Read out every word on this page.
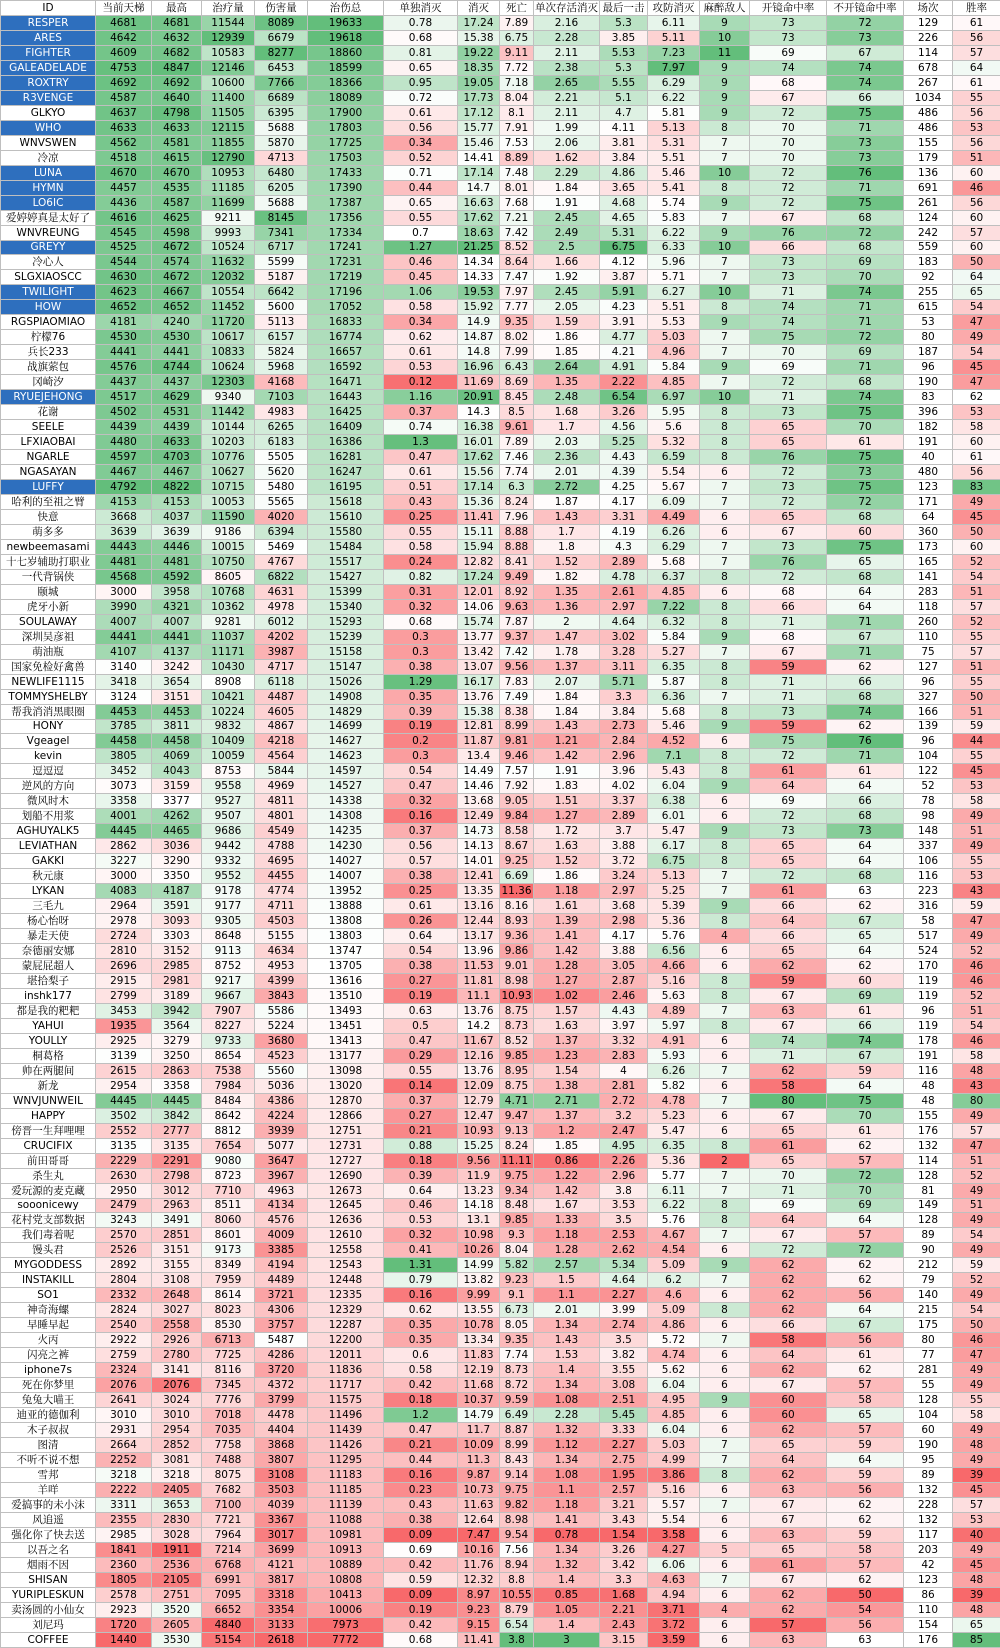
ID	当前天梯	最高	治疗量	伤害量	治伤总	单独消灭	消灭	死亡	单次存活消灭	最后一击	攻防消灭	麻醉敌人	开镜命中率	不开镜命中率	场次	胜率
RESPER	4681	4681	11544	8089	19633	0.78	17.24	7.89	2.16	5.3	6.11	9	73	72	129	61
ARES	4642	4632	12939	6679	19618	0.68	15.38	6.75	2.28	3.85	5.11	10	73	73	226	56
FIGHTER	4609	4682	10583	8277	18860	0.81	19.22	9.11	2.11	5.53	7.23	11	69	67	114	57
GALEADELADE	4753	4847	12146	6453	18599	0.65	18.35	7.72	2.38	5.3	7.97	9	74	74	678	64
ROXTRY	4692	4692	10600	7766	18366	0.95	19.05	7.18	2.65	5.55	6.29	9	68	74	267	61
R3VENGE	4587	4640	11400	6689	18089	0.72	17.73	8.04	2.21	5.1	6.22	9	67	66	1034	55
GLKYO	4637	4798	11505	6395	17900	0.61	17.12	8.1	2.11	4.7	5.81	9	72	75	486	56
WHO	4633	4633	12115	5688	17803	0.56	15.77	7.91	1.99	4.11	5.13	8	70	71	486	53
WNVSWEN	4562	4581	11855	5870	17725	0.34	15.46	7.53	2.06	3.81	5.31	7	70	73	155	56
冷凉	4518	4615	12790	4713	17503	0.52	14.41	8.89	1.62	3.84	5.51	7	70	73	179	51
LUNA	4670	4670	10953	6480	17433	0.71	17.14	7.48	2.29	4.86	5.46	10	72	76	136	60
HYMN	4457	4535	11185	6205	17390	0.44	14.7	8.01	1.84	3.65	5.41	8	72	71	691	46
LO6IC	4436	4587	11699	5688	17387	0.65	16.63	7.68	1.91	4.68	5.74	9	72	75	261	56
爱婷婷真是太好了	4616	4625	9211	8145	17356	0.55	17.62	7.21	2.45	4.65	5.83	7	67	68	124	60
WNVREUNG	4545	4598	9993	7341	17334	0.7	18.63	7.42	2.49	5.31	6.22	9	76	72	242	57
GREYY	4525	4672	10524	6717	17241	1.27	21.25	8.52	2.5	6.75	6.33	10	66	68	559	60
冷心人	4544	4574	11632	5599	17231	0.46	14.34	8.64	1.66	4.12	5.96	7	73	69	183	50
SLGXIAOSCC	4630	4672	12032	5187	17219	0.45	14.33	7.47	1.92	3.87	5.71	7	73	70	92	64
TWILIGHT	4623	4667	10554	6642	17196	1.06	19.53	7.97	2.45	5.91	6.27	10	71	74	255	65
HOW	4652	4652	11452	5600	17052	0.58	15.92	7.77	2.05	4.23	5.51	8	74	71	615	54
RGSPIAOMIAO	4181	4240	11720	5113	16833	0.34	14.9	9.35	1.59	3.91	5.53	9	74	71	53	47
柠檬76	4530	4530	10617	6157	16774	0.62	14.87	8.02	1.86	4.77	5.03	7	75	72	80	49
兵长233	4441	4441	10833	5824	16657	0.61	14.8	7.99	1.85	4.21	4.96	7	70	69	187	54
战旗萦包	4576	4744	10624	5968	16592	0.53	16.96	6.43	2.64	4.91	5.84	9	69	71	96	45
冈崎汐	4437	4437	12303	4168	16471	0.12	11.69	8.69	1.35	2.22	4.85	7	72	68	190	47
RYUEJEHONG	4517	4629	9340	7103	16443	1.16	20.91	8.45	2.48	6.54	6.97	10	71	74	83	62
花谢	4502	4531	11442	4983	16425	0.37	14.3	8.5	1.68	3.26	5.95	8	73	75	396	53
SEELE	4439	4439	10144	6265	16409	0.74	16.38	9.61	1.7	4.56	5.6	8	65	70	182	58
LFXIAOBAI	4480	4633	10203	6183	16386	1.3	16.01	7.89	2.03	5.25	5.32	8	65	61	191	60
NGARLE	4597	4703	10776	5505	16281	0.47	17.62	7.46	2.36	4.43	6.59	8	76	75	40	61
NGASAYAN	4467	4467	10627	5620	16247	0.61	15.56	7.74	2.01	4.39	5.54	6	72	73	480	56
LUFFY	4792	4822	10715	5480	16195	0.51	17.14	6.3	2.72	4.25	5.67	7	73	75	123	83
哈利的至祖之臂	4153	4153	10053	5565	15618	0.43	15.36	8.24	1.87	4.17	6.09	7	72	72	171	49
快意	3668	4037	11590	4020	15610	0.25	11.41	7.96	1.43	3.31	4.49	6	65	68	64	45
萌多多	3639	3639	9186	6394	15580	0.55	15.11	8.88	1.7	4.19	6.26	6	67	60	360	50
newbeemasami	4443	4446	10015	5469	15484	0.58	15.94	8.88	1.8	4.3	6.29	7	73	75	173	60
十七岁辅助打职业	4481	4481	10750	4767	15517	0.24	12.82	8.41	1.52	2.89	5.68	7	76	65	165	52
一代背锅侠	4568	4592	8605	6822	15427	0.82	17.24	9.49	1.82	4.78	6.37	8	72	68	141	54
颐城	3000	3958	10768	4631	15399	0.31	12.01	8.92	1.35	2.61	4.85	6	68	64	283	51
虎牙小新	3990	4321	10362	4978	15340	0.32	14.06	9.63	1.36	2.97	7.22	8	66	64	118	57
SOULAWAY	4007	4007	9281	6012	15293	0.68	15.74	7.87	2	4.64	6.32	8	71	71	260	52
深圳吴彦祖	4441	4441	11037	4202	15239	0.3	13.77	9.37	1.47	3.02	5.84	9	68	67	110	55
萌油瓶	4107	4137	11171	3987	15158	0.3	13.42	7.42	1.78	3.28	5.27	7	67	71	75	57
国家免检好禽兽	3140	3242	10430	4717	15147	0.38	13.07	9.56	1.37	3.11	6.35	8	59	62	127	51
NEWLIFE1115	3418	3654	8908	6118	15026	1.29	16.17	7.83	2.07	5.71	5.87	8	71	66	96	55
TOMMYSHELBY	3124	3151	10421	4487	14908	0.35	13.76	7.49	1.84	3.3	6.36	7	71	68	327	50
帮我消消黑眼圈	4453	4453	10224	4605	14829	0.39	15.38	8.38	1.84	3.84	5.68	8	73	74	166	51
HONY	3785	3811	9832	4867	14699	0.19	12.81	8.99	1.43	2.73	5.46	9	59	62	139	59
Vgeagel	4458	4458	10409	4218	14627	0.2	11.87	9.81	1.21	2.84	4.52	6	75	76	96	44
kevin	3805	4069	10059	4564	14623	0.3	13.4	9.46	1.42	2.96	7.1	8	72	71	104	55
逗逗逗	3452	4043	8753	5844	14597	0.54	14.49	7.57	1.91	3.96	5.43	8	61	61	122	45
逆风的方向	3073	3159	9558	4969	14527	0.47	14.46	7.92	1.83	4.02	6.04	9	64	64	52	53
微风时木	3358	3377	9527	4811	14338	0.32	13.68	9.05	1.51	3.37	6.38	6	69	66	78	58
划船不用浆	4001	4262	9507	4801	14308	0.16	12.49	9.84	1.27	2.89	6.01	6	72	68	98	49
AGHUYALK5	4445	4465	9686	4549	14235	0.37	14.73	8.58	1.72	3.7	5.47	9	73	73	148	51
LEVIATHAN	2862	3036	9442	4788	14230	0.56	14.13	8.67	1.63	3.88	6.17	8	65	64	337	49
GAKKI	3227	3290	9332	4695	14027	0.57	14.01	9.25	1.52	3.72	6.75	8	65	64	106	55
秋元康	3000	3350	9552	4455	14007	0.38	12.41	6.69	1.86	3.24	5.13	7	72	68	116	53
LYKAN	4083	4187	9178	4774	13952	0.25	13.35	11.36	1.18	2.97	5.25	7	61	63	223	43
三毛九	2964	3591	9177	4711	13888	0.61	13.16	8.16	1.61	3.68	5.39	9	66	62	316	59
杨心怡呀	2978	3093	9305	4503	13808	0.26	12.44	8.93	1.39	2.98	5.36	8	64	67	58	47
暴走天使	2724	3303	8648	5155	13803	0.64	13.17	9.36	1.41	4.17	5.76	4	66	65	517	49
奈德丽安娜	2810	3152	9113	4634	13747	0.54	13.96	9.86	1.42	3.88	6.56	6	65	64	524	52
蒙屁屁超人	2696	2985	8752	4953	13705	0.38	11.53	9.01	1.28	3.05	4.66	6	62	62	170	46
堪拾梨子	2915	2981	9217	4399	13616	0.27	11.81	8.98	1.27	2.87	5.16	8	59	60	119	46
inshk177	2799	3189	9667	3843	13510	0.19	11.1	10.93	1.02	2.46	5.63	8	67	69	119	52
都是我的粑粑	3453	3942	7907	5586	13493	0.63	13.76	8.75	1.57	4.43	4.89	7	63	61	96	51
YAHUI	1935	3564	8227	5224	13451	0.5	14.2	8.73	1.63	3.97	5.97	8	67	66	119	54
YOULLY	2925	3279	9733	3680	13413	0.47	11.67	8.52	1.37	3.32	4.91	6	74	74	178	46
桐葛格	3139	3250	8654	4523	13177	0.29	12.16	9.85	1.23	2.83	5.93	6	71	67	191	58
帅在两腿间	2615	2863	7538	5560	13098	0.55	13.76	8.95	1.54	4	6.26	7	62	59	116	48
新龙	2954	3358	7984	5036	13020	0.14	12.09	8.75	1.38	2.81	5.82	6	58	64	48	43
WNVJUNWEIL	4445	4445	8484	4386	12870	0.37	12.79	4.71	2.71	2.72	4.78	7	80	75	48	80
HAPPY	3502	3842	8642	4224	12866	0.27	12.47	9.47	1.37	3.2	5.23	6	67	70	155	49
傍晋一生拜哩哩	2552	2777	8812	3939	12751	0.21	10.93	9.13	1.2	2.47	5.47	6	65	61	176	57
CRUCIFIX	3135	3135	7654	5077	12731	0.88	15.25	8.24	1.85	4.95	6.35	8	61	62	132	47
前田哥哥	2229	2291	9080	3647	12727	0.18	9.56	11.11	0.86	2.26	5.36	2	65	57	114	51
杀生丸	2630	2798	8723	3967	12690	0.39	11.9	9.75	1.22	2.96	5.77	7	70	72	128	52
爱玩源的麦克藏	2950	3012	7710	4963	12673	0.64	13.23	9.34	1.42	3.8	6.11	7	71	70	81	49
sooonicewy	2479	2963	8511	4134	12645	0.46	14.18	8.48	1.67	3.53	6.22	8	69	69	149	51
花村党支部数据	3243	3491	8060	4576	12636	0.53	13.1	9.85	1.33	3.5	5.76	8	64	64	128	49
我们毒着呢	2570	2851	8601	4009	12610	0.32	10.98	9.3	1.18	2.53	4.67	7	67	57	89	54
馒头君	2526	3151	9173	3385	12558	0.41	10.26	8.04	1.28	2.62	4.54	6	72	72	90	49
MYGODDESS	2892	3155	8349	4194	12543	1.31	14.99	5.82	2.57	5.34	5.09	9	62	62	212	59
INSTAKILL	2804	3108	7959	4489	12448	0.79	13.82	9.23	1.5	4.64	6.2	7	62	62	79	52
SO1	2332	2648	8614	3721	12335	0.16	9.99	9.1	1.1	2.27	4.6	6	62	56	140	49
神奇海螺	2824	3027	8023	4306	12329	0.62	13.55	6.73	2.01	3.99	5.09	8	62	64	215	54
早睡早起	2540	2558	8530	3757	12287	0.35	10.78	8.05	1.34	2.74	4.86	6	66	67	175	50
火丙	2922	2926	6713	5487	12200	0.35	13.34	9.35	1.43	3.5	5.72	7	58	56	80	46
闪亮之裤	2759	2780	7725	4286	12011	0.6	11.83	7.74	1.53	3.82	4.74	6	64	61	77	47
iphone7s	2324	3141	8116	3720	11836	0.58	12.19	8.73	1.4	3.55	5.62	6	62	62	281	49
死在你梦里	2076	2076	7345	4372	11717	0.42	11.68	8.72	1.34	3.08	6.04	6	67	57	55	49
兔兔大喵王	2641	3024	7776	3799	11575	0.18	10.37	9.59	1.08	2.51	4.95	9	60	58	128	55
迪亚的德伽利	3010	3010	7018	4478	11496	1.2	14.79	6.49	2.28	5.45	4.85	6	60	65	104	58
木子叔叔	2931	2954	7035	4404	11439	0.47	11.7	8.87	1.32	3.33	6.04	6	62	57	60	49
图清	2664	2852	7758	3868	11426	0.21	10.09	8.99	1.12	2.27	5.03	7	65	59	190	48
不听不说不想	2252	3081	7488	3807	11295	0.44	11.3	8.43	1.34	2.75	4.99	7	64	64	95	49
雪邦	3218	3218	8075	3108	11183	0.16	9.87	9.14	1.08	1.95	3.86	8	62	59	89	39
羊咩	2222	2405	7682	3503	11185	0.23	10.73	9.75	1.1	2.57	5.16	6	63	56	132	45
爱搞事的未小沫	3311	3653	7100	4039	11139	0.43	11.63	9.82	1.18	3.21	5.57	7	67	62	228	57
风追遥	2355	2830	7721	3367	11088	0.38	12.64	8.98	1.41	3.43	5.54	6	67	62	132	53
强化你了快去送	2985	3028	7964	3017	10981	0.09	7.47	9.54	0.78	1.54	3.58	6	63	59	117	40
以吾之名	1841	1911	7214	3699	10913	0.69	10.16	7.56	1.34	3.26	4.27	5	65	58	203	49
烟雨不因	2360	2536	6768	4121	10889	0.42	11.76	8.94	1.32	3.42	6.06	6	61	57	42	45
SHISAN	1805	2105	6991	3817	10808	0.59	12.32	8.8	1.4	3.3	4.63	7	67	62	123	48
YURIPLESKUN	2578	2751	7095	3318	10413	0.09	8.97	10.55	0.85	1.68	4.94	6	62	50	86	39
卖汤圆的小仙女	2923	3520	6652	3354	10006	0.19	9.23	8.79	1.05	2.21	3.71	4	62	54	110	48
刘尼玛	1720	2605	4840	3133	7973	0.42	9.15	6.54	1.4	2.43	3.72	6	57	56	154	65
COFFEE	1440	3530	5154	2618	7772	0.68	11.41	3.8	3	3.15	3.59	6	63	63	176	85
